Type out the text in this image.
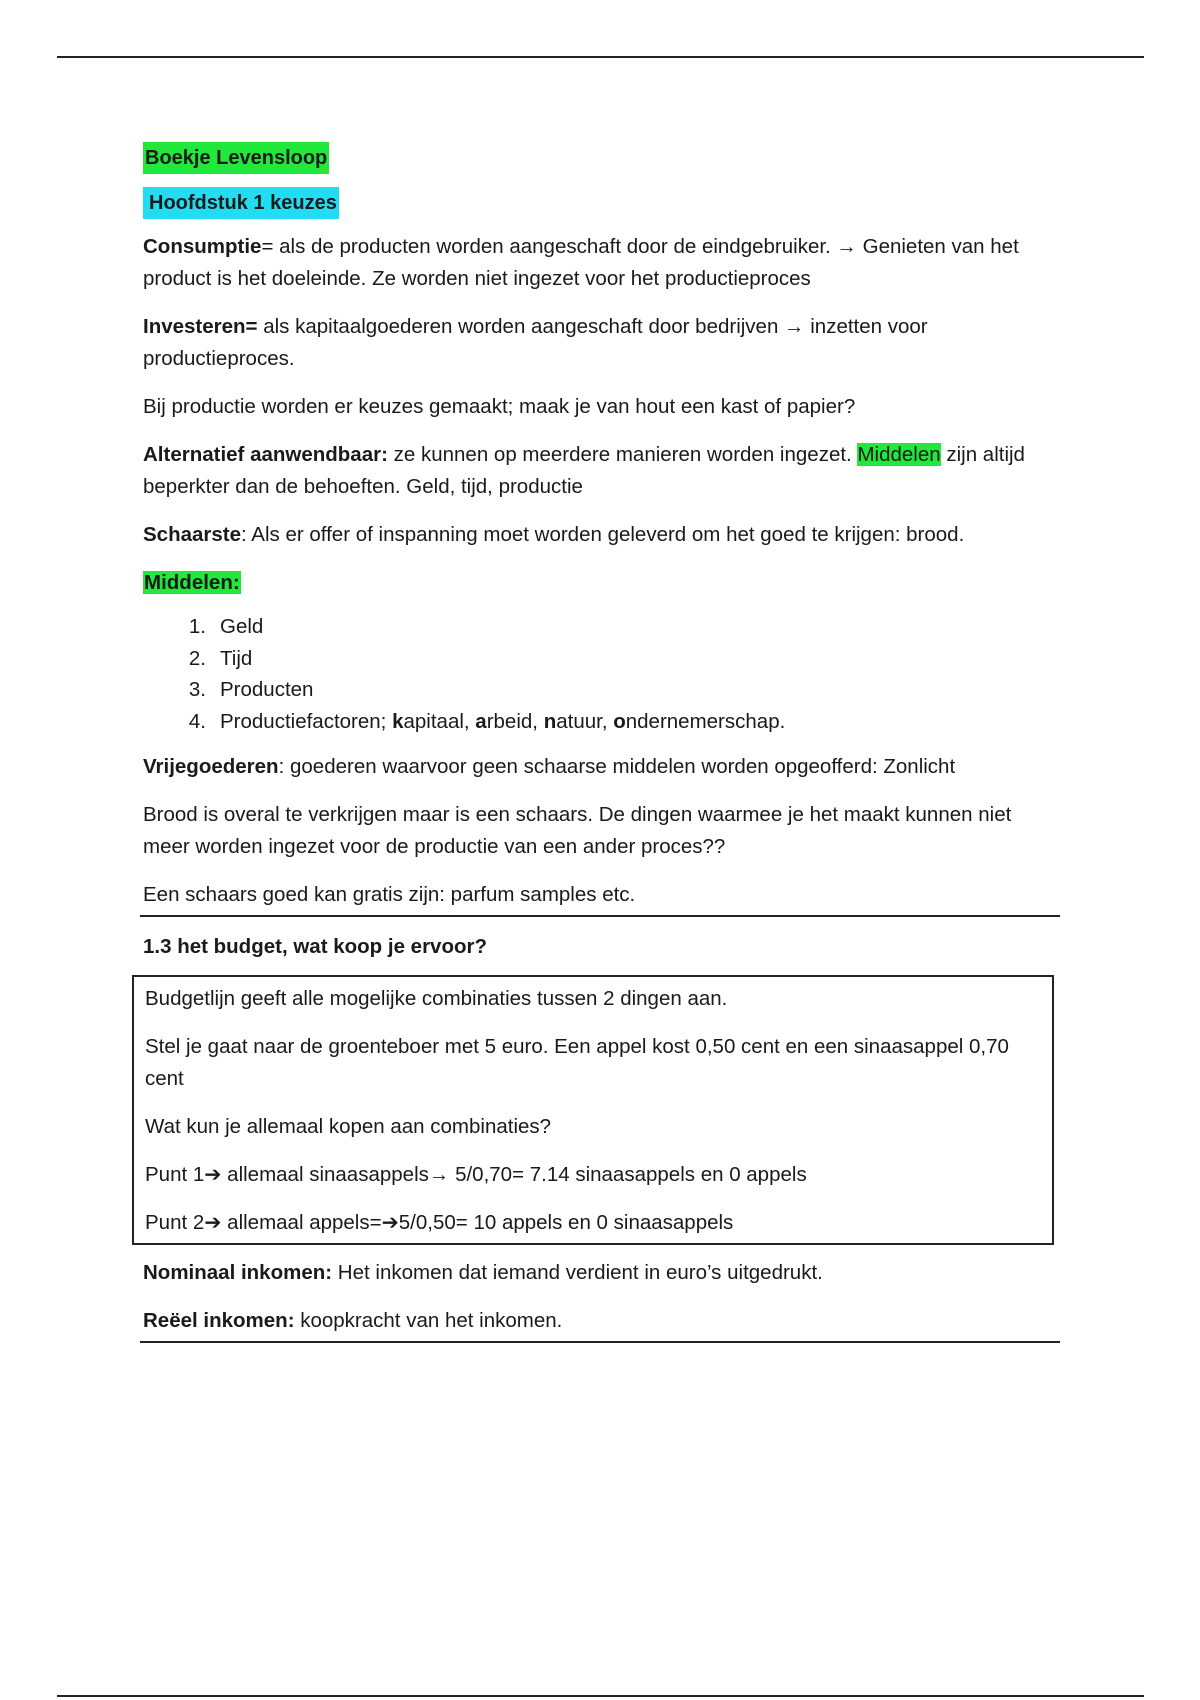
Boekje Levensloop

Hoofdstuk 1 keuzes

Consumptie= als de producten worden aangeschaft door de eindgebruiker. → Genieten van het product is het doeleinde. Ze worden niet ingezet voor het productieproces

Investeren= als kapitaalgoederen worden aangeschaft door bedrijven → inzetten voor productieproces.

Bij productie worden er keuzes gemaakt; maak je van hout een kast of papier?

Alternatief aanwendbaar: ze kunnen op meerdere manieren worden ingezet. Middelen zijn altijd beperkter dan de behoeften. Geld, tijd, productie

Schaarste: Als er offer of inspanning moet worden geleverd om het goed te krijgen: brood.

Middelen:

1. Geld
2. Tijd
3. Producten
4. Productiefactoren; kapitaal, arbeid, natuur, ondernemerschap.

Vrijegoederen: goederen waarvoor geen schaarse middelen worden opgeofferd: Zonlicht

Brood is overal te verkrijgen maar is een schaars. De dingen waarmee je het maakt kunnen niet meer worden ingezet voor de productie van een ander proces??

Een schaars goed kan gratis zijn: parfum samples etc.

1.3 het budget, wat koop je ervoor?

Budgetlijn geeft alle mogelijke combinaties tussen 2 dingen aan.

Stel je gaat naar de groenteboer met 5 euro. Een appel kost 0,50 cent en een sinaasappel 0,70 cent

Wat kun je allemaal kopen aan combinaties?

Punt 1➔ allemaal sinaasappels→ 5/0,70= 7.14 sinaasappels en 0 appels

Punt 2➔ allemaal appels=➔5/0,50= 10 appels en 0 sinaasappels

Nominaal inkomen: Het inkomen dat iemand verdient in euro’s uitgedrukt.

Reëel inkomen: koopkracht van het inkomen.
